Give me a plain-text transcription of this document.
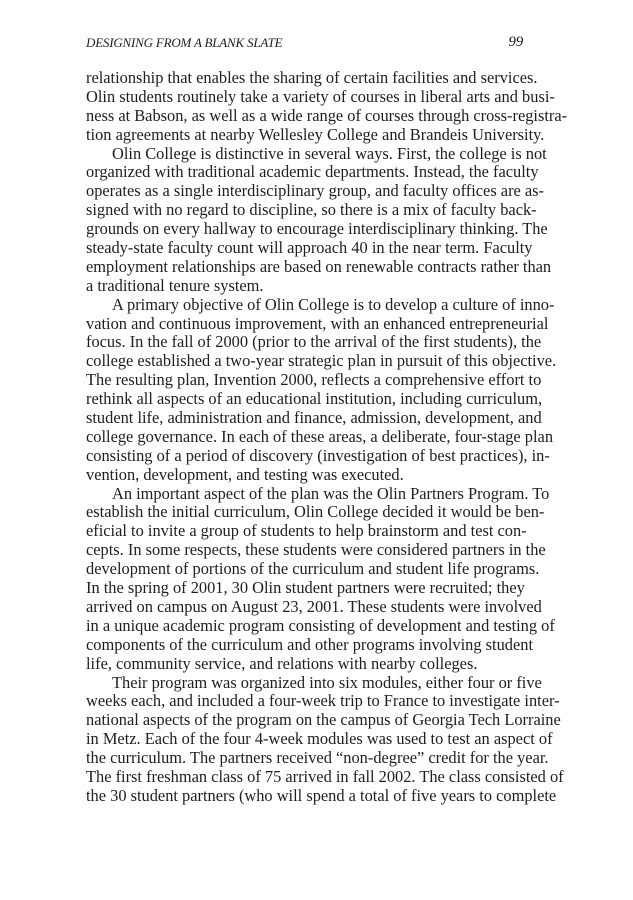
DESIGNING FROM A BLANK SLATE	99
relationship that enables the sharing of certain facilities and services.
Olin students routinely take a variety of courses in liberal arts and busi-
ness at Babson, as well as a wide range of courses through cross-registra-
tion agreements at nearby Wellesley College and Brandeis University.
Olin College is distinctive in several ways. First, the college is not
organized with traditional academic departments. Instead, the faculty
operates as a single interdisciplinary group, and faculty offices are as-
signed with no regard to discipline, so there is a mix of faculty back-
grounds on every hallway to encourage interdisciplinary thinking. The
steady-state faculty count will approach 40 in the near term. Faculty
employment relationships are based on renewable contracts rather than
a traditional tenure system.
A primary objective of Olin College is to develop a culture of inno-
vation and continuous improvement, with an enhanced entrepreneurial
focus. In the fall of 2000 (prior to the arrival of the first students), the
college established a two-year strategic plan in pursuit of this objective.
The resulting plan, Invention 2000, reflects a comprehensive effort to
rethink all aspects of an educational institution, including curriculum,
student life, administration and finance, admission, development, and
college governance. In each of these areas, a deliberate, four-stage plan
consisting of a period of discovery (investigation of best practices), in-
vention, development, and testing was executed.
An important aspect of the plan was the Olin Partners Program. To
establish the initial curriculum, Olin College decided it would be ben-
eficial to invite a group of students to help brainstorm and test con-
cepts. In some respects, these students were considered partners in the
development of portions of the curriculum and student life programs.
In the spring of 2001, 30 Olin student partners were recruited; they
arrived on campus on August 23, 2001. These students were involved
in a unique academic program consisting of development and testing of
components of the curriculum and other programs involving student
life, community service, and relations with nearby colleges.
Their program was organized into six modules, either four or five
weeks each, and included a four-week trip to France to investigate inter-
national aspects of the program on the campus of Georgia Tech Lorraine
in Metz. Each of the four 4-week modules was used to test an aspect of
the curriculum. The partners received “non-degree” credit for the year.
The first freshman class of 75 arrived in fall 2002. The class consisted of
the 30 student partners (who will spend a total of five years to complete
